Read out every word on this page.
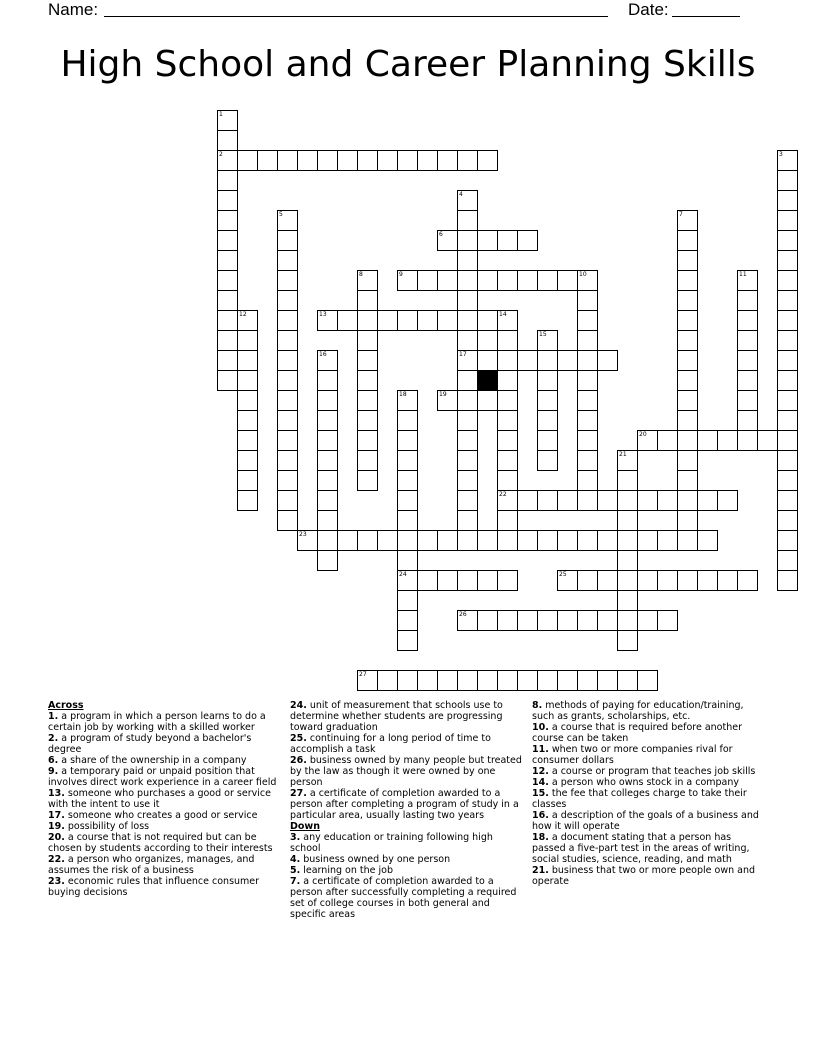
Name:	Date:
High School and Career Planning Skills
1
2
6
9	10
13	14
17
19
20
22
23
24	25
26
27
3
4
5	7
8	11
12
15
16
18
21
Across
1. a program in which a person learns to do a certain job by working with a skilled worker
2. a program of study beyond a bachelor's degree
6. a share of the ownership in a company
9. a temporary paid or unpaid position that involves direct work experience in a career field
13. someone who purchases a good or service with the intent to use it
17. someone who creates a good or service
19. possibility of loss
20. a course that is not required but can be chosen by students according to their interests
22. a person who organizes, manages, and assumes the risk of a business
23. economic rules that influence consumer buying decisions
24. unit of measurement that schools use to determine whether students are progressing toward graduation
25. continuing for a long period of time to accomplish a task
26. business owned by many people but treated by the law as though it were owned by one person
27. a certificate of completion awarded to a person after completing a program of study in a particular area, usually lasting two years
Down
3. any education or training following high school
4. business owned by one person
5. learning on the job
7. a certificate of completion awarded to a person after successfully completing a required set of college courses in both general and specific areas
8. methods of paying for education/training, such as grants, scholarships, etc.
10. a course that is required before another course can be taken
11. when two or more companies rival for consumer dollars
12. a course or program that teaches job skills
14. a person who owns stock in a company
15. the fee that colleges charge to take their classes
16. a description of the goals of a business and how it will operate
18. a document stating that a person has passed a five-part test in the areas of writing, social studies, science, reading, and math
21. business that two or more people own and operate
